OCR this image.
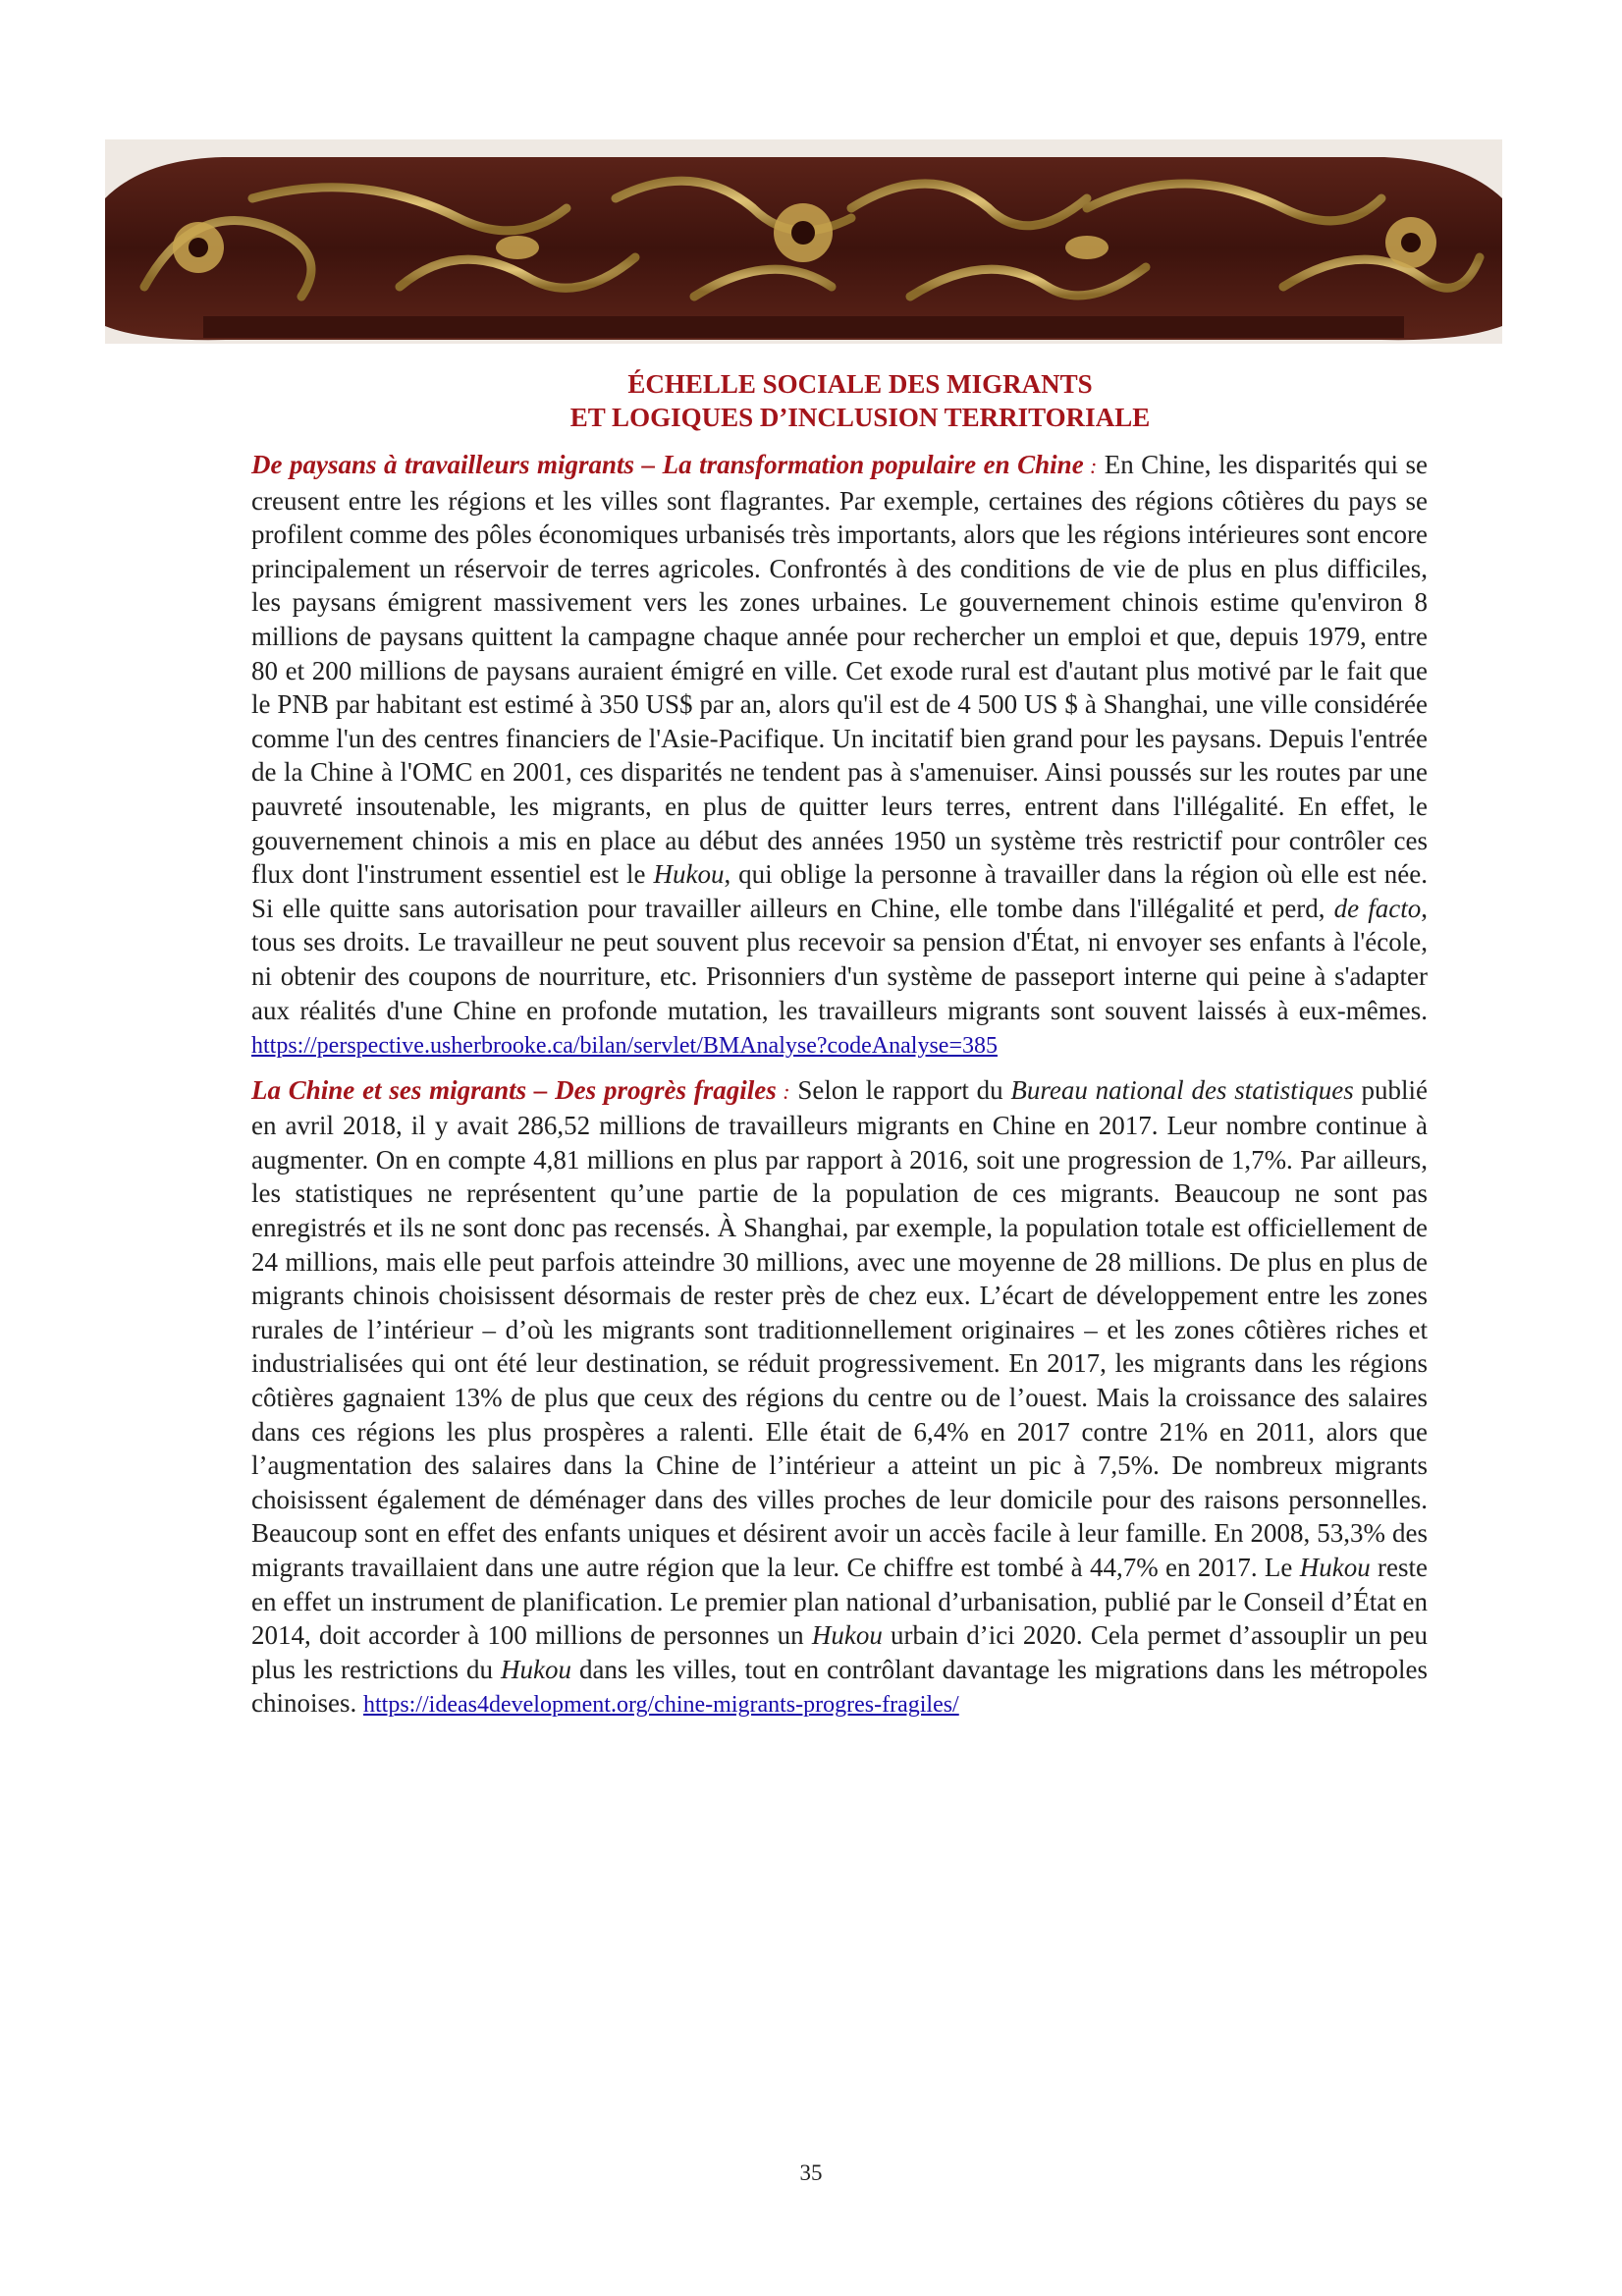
ÉCHELLE SOCIALE DES MIGRANTS
ET LOGIQUES D’INCLUSION TERRITORIALE

De paysans à travailleurs migrants – La transformation populaire en Chine : En Chine, les disparités qui se creusent entre les régions et les villes sont flagrantes. Par exemple, certaines des régions côtières du pays se profilent comme des pôles économiques urbanisés très importants, alors que les régions intérieures sont encore principalement un réservoir de terres agricoles. Confrontés à des conditions de vie de plus en plus difficiles, les paysans émigrent massivement vers les zones urbaines. Le gouvernement chinois estime qu'environ 8 millions de paysans quittent la campagne chaque année pour rechercher un emploi et que, depuis 1979, entre 80 et 200 millions de paysans auraient émigré en ville. Cet exode rural est d'autant plus motivé par le fait que le PNB par habitant est estimé à 350 US$ par an, alors qu'il est de 4 500 US $ à Shanghai, une ville considérée comme l'un des centres financiers de l'Asie-Pacifique. Un incitatif bien grand pour les paysans. Depuis l'entrée de la Chine à l'OMC en 2001, ces disparités ne tendent pas à s'amenuiser. Ainsi poussés sur les routes par une pauvreté insoutenable, les migrants, en plus de quitter leurs terres, entrent dans l'illégalité. En effet, le gouvernement chinois a mis en place au début des années 1950 un système très restrictif pour contrôler ces flux dont l'instrument essentiel est le Hukou, qui oblige la personne à travailler dans la région où elle est née. Si elle quitte sans autorisation pour travailler ailleurs en Chine, elle tombe dans l'illégalité et perd, de facto, tous ses droits. Le travailleur ne peut souvent plus recevoir sa pension d'État, ni envoyer ses enfants à l'école, ni obtenir des coupons de nourriture, etc. Prisonniers d'un système de passeport interne qui peine à s'adapter aux réalités d'une Chine en profonde mutation, les travailleurs migrants sont souvent laissés à eux-mêmes. https://perspective.usherbrooke.ca/bilan/servlet/BMAnalyse?codeAnalyse=385

La Chine et ses migrants – Des progrès fragiles : Selon le rapport du Bureau national des statistiques publié en avril 2018, il y avait 286,52 millions de travailleurs migrants en Chine en 2017. Leur nombre continue à augmenter. On en compte 4,81 millions en plus par rapport à 2016, soit une progression de 1,7%. Par ailleurs, les statistiques ne représentent qu’une partie de la population de ces migrants. Beaucoup ne sont pas enregistrés et ils ne sont donc pas recensés. À Shanghai, par exemple, la population totale est officiellement de 24 millions, mais elle peut parfois atteindre 30 millions, avec une moyenne de 28 millions. De plus en plus de migrants chinois choisissent désormais de rester près de chez eux. L’écart de développement entre les zones rurales de l’intérieur – d’où les migrants sont traditionnellement originaires – et les zones côtières riches et industrialisées qui ont été leur destination, se réduit progressivement. En 2017, les migrants dans les régions côtières gagnaient 13% de plus que ceux des régions du centre ou de l’ouest. Mais la croissance des salaires dans ces régions les plus prospères a ralenti. Elle était de 6,4% en 2017 contre 21% en 2011, alors que l’augmentation des salaires dans la Chine de l’intérieur a atteint un pic à 7,5%. De nombreux migrants choisissent également de déménager dans des villes proches de leur domicile pour des raisons personnelles. Beaucoup sont en effet des enfants uniques et désirent avoir un accès facile à leur famille. En 2008, 53,3% des migrants travaillaient dans une autre région que la leur. Ce chiffre est tombé à 44,7% en 2017. Le Hukou reste en effet un instrument de planification. Le premier plan national d’urbanisation, publié par le Conseil d’État en 2014, doit accorder à 100 millions de personnes un Hukou urbain d’ici 2020. Cela permet d’assouplir un peu plus les restrictions du Hukou dans les villes, tout en contrôlant davantage les migrations dans les métropoles chinoises. https://ideas4development.org/chine-migrants-progres-fragiles/

35
